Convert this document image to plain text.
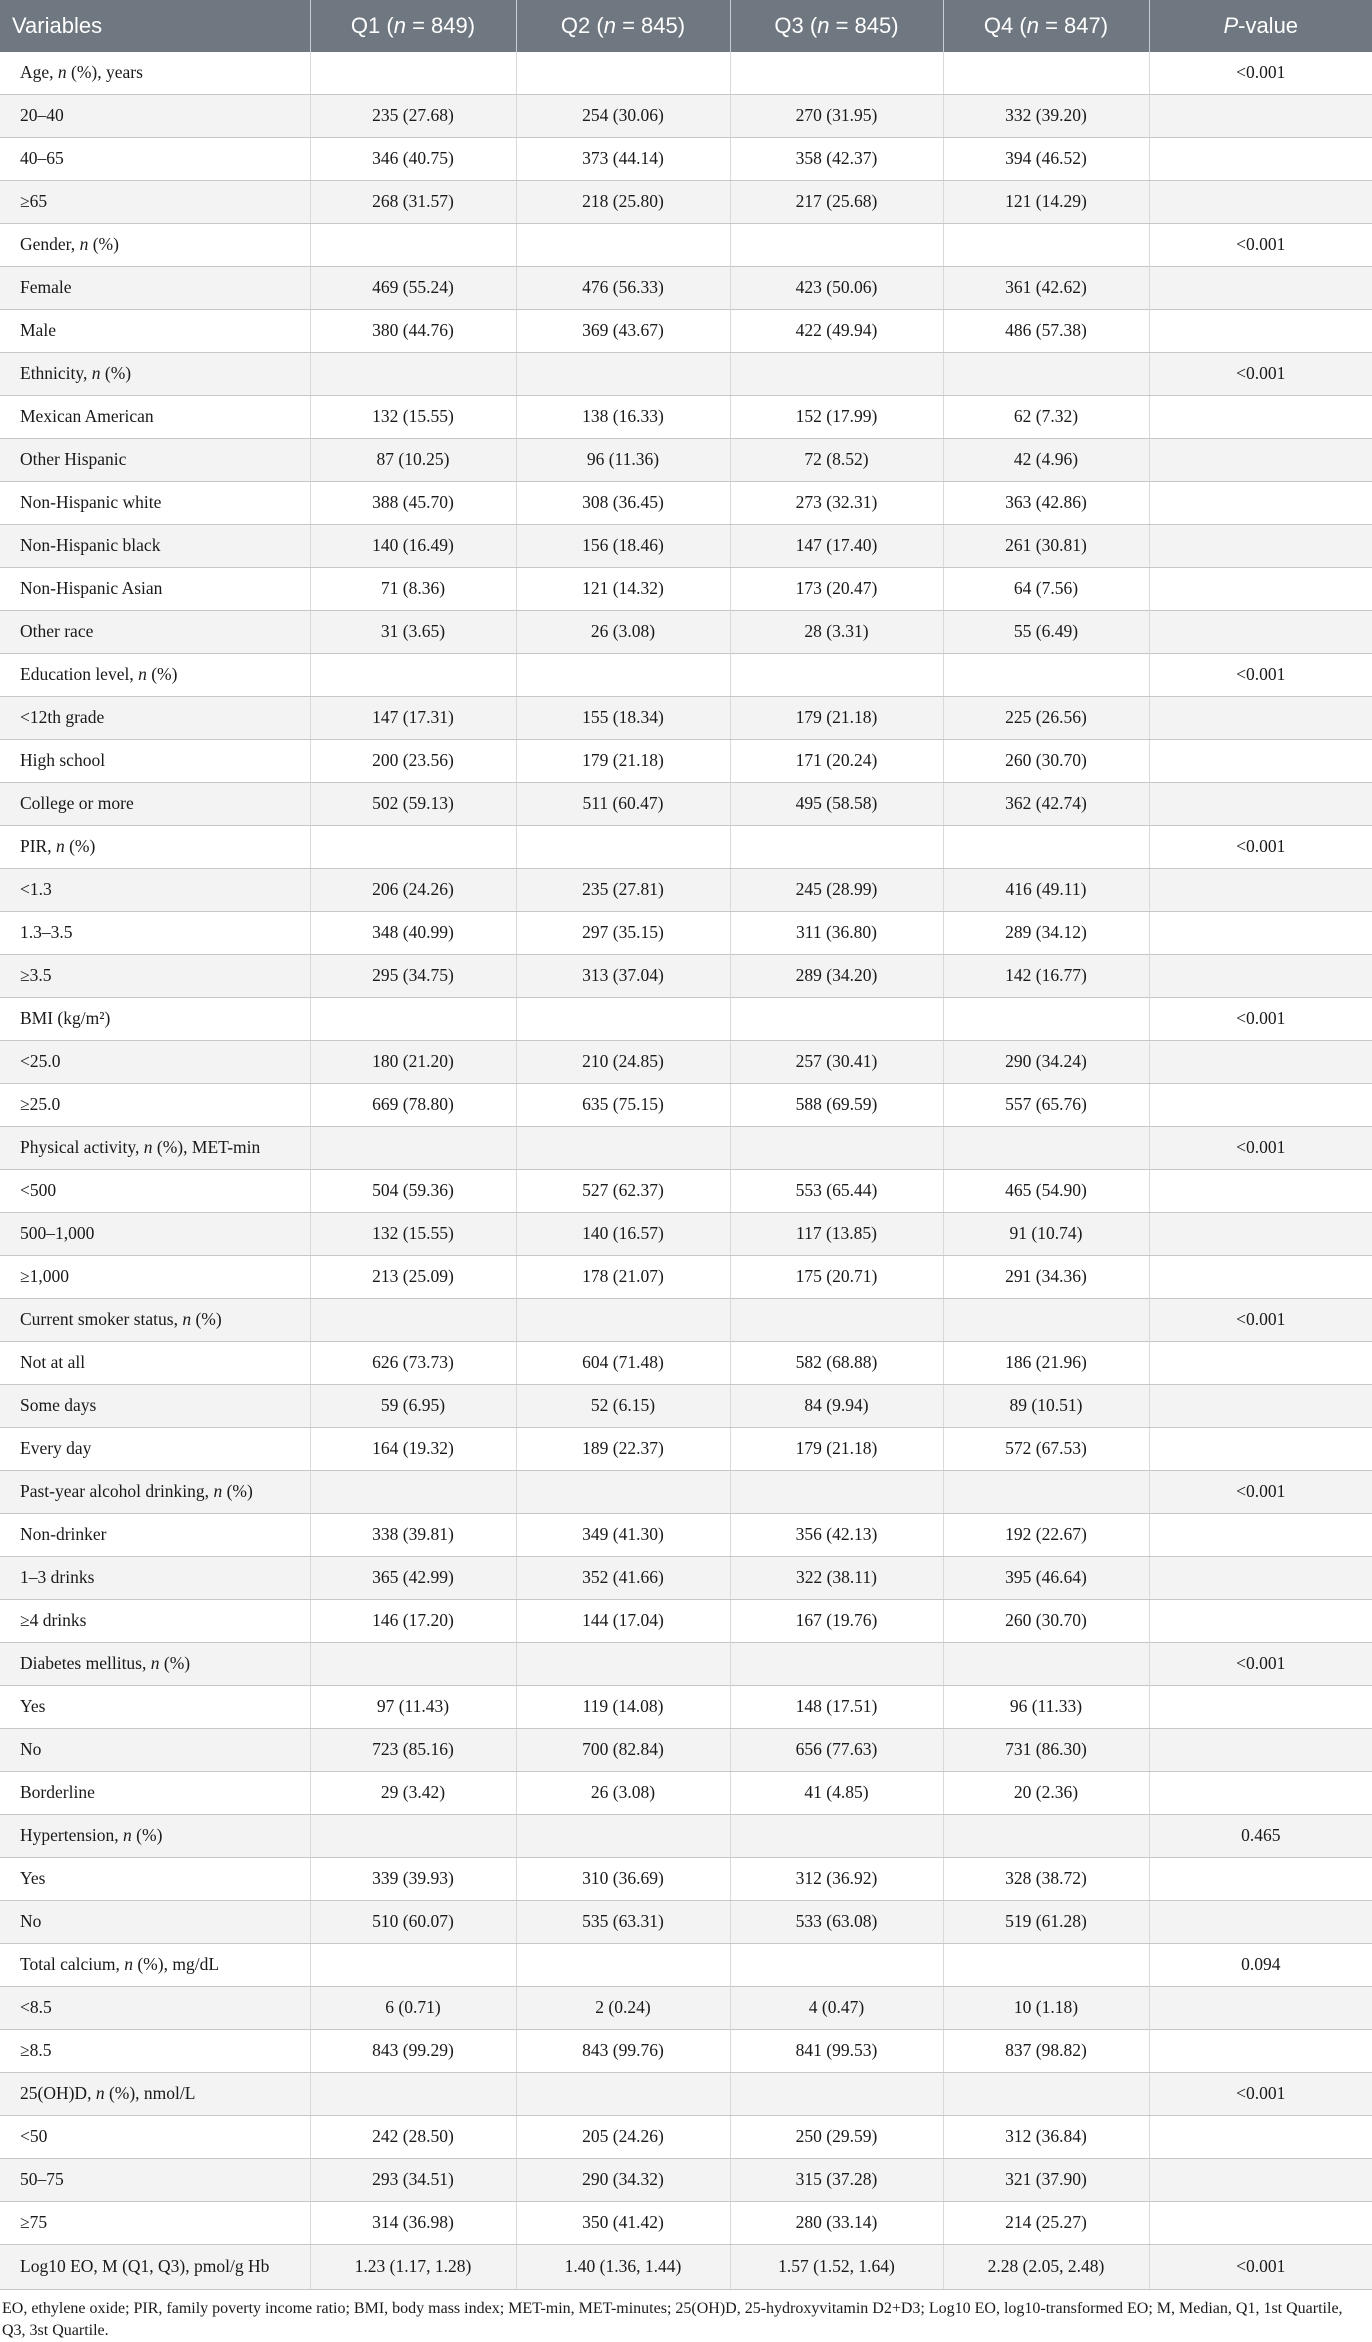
Variables	Q1 (n = 849)	Q2 (n = 845)	Q3 (n = 845)	Q4 (n = 847)	P-value
Age, n (%), years					<0.001
20–40	235 (27.68)	254 (30.06)	270 (31.95)	332 (39.20)	
40–65	346 (40.75)	373 (44.14)	358 (42.37)	394 (46.52)	
≥65	268 (31.57)	218 (25.80)	217 (25.68)	121 (14.29)	
Gender, n (%)					<0.001
Female	469 (55.24)	476 (56.33)	423 (50.06)	361 (42.62)	
Male	380 (44.76)	369 (43.67)	422 (49.94)	486 (57.38)	
Ethnicity, n (%)					<0.001
Mexican American	132 (15.55)	138 (16.33)	152 (17.99)	62 (7.32)	
Other Hispanic	87 (10.25)	96 (11.36)	72 (8.52)	42 (4.96)	
Non-Hispanic white	388 (45.70)	308 (36.45)	273 (32.31)	363 (42.86)	
Non-Hispanic black	140 (16.49)	156 (18.46)	147 (17.40)	261 (30.81)	
Non-Hispanic Asian	71 (8.36)	121 (14.32)	173 (20.47)	64 (7.56)	
Other race	31 (3.65)	26 (3.08)	28 (3.31)	55 (6.49)	
Education level, n (%)					<0.001
<12th grade	147 (17.31)	155 (18.34)	179 (21.18)	225 (26.56)	
High school	200 (23.56)	179 (21.18)	171 (20.24)	260 (30.70)	
College or more	502 (59.13)	511 (60.47)	495 (58.58)	362 (42.74)	
PIR, n (%)					<0.001
<1.3	206 (24.26)	235 (27.81)	245 (28.99)	416 (49.11)	
1.3–3.5	348 (40.99)	297 (35.15)	311 (36.80)	289 (34.12)	
≥3.5	295 (34.75)	313 (37.04)	289 (34.20)	142 (16.77)	
BMI (kg/m²)					<0.001
<25.0	180 (21.20)	210 (24.85)	257 (30.41)	290 (34.24)	
≥25.0	669 (78.80)	635 (75.15)	588 (69.59)	557 (65.76)	
Physical activity, n (%), MET-min					<0.001
<500	504 (59.36)	527 (62.37)	553 (65.44)	465 (54.90)	
500–1,000	132 (15.55)	140 (16.57)	117 (13.85)	91 (10.74)	
≥1,000	213 (25.09)	178 (21.07)	175 (20.71)	291 (34.36)	
Current smoker status, n (%)					<0.001
Not at all	626 (73.73)	604 (71.48)	582 (68.88)	186 (21.96)	
Some days	59 (6.95)	52 (6.15)	84 (9.94)	89 (10.51)	
Every day	164 (19.32)	189 (22.37)	179 (21.18)	572 (67.53)	
Past-year alcohol drinking, n (%)					<0.001
Non-drinker	338 (39.81)	349 (41.30)	356 (42.13)	192 (22.67)	
1–3 drinks	365 (42.99)	352 (41.66)	322 (38.11)	395 (46.64)	
≥4 drinks	146 (17.20)	144 (17.04)	167 (19.76)	260 (30.70)	
Diabetes mellitus, n (%)					<0.001
Yes	97 (11.43)	119 (14.08)	148 (17.51)	96 (11.33)	
No	723 (85.16)	700 (82.84)	656 (77.63)	731 (86.30)	
Borderline	29 (3.42)	26 (3.08)	41 (4.85)	20 (2.36)	
Hypertension, n (%)					0.465
Yes	339 (39.93)	310 (36.69)	312 (36.92)	328 (38.72)	
No	510 (60.07)	535 (63.31)	533 (63.08)	519 (61.28)	
Total calcium, n (%), mg/dL					0.094
<8.5	6 (0.71)	2 (0.24)	4 (0.47)	10 (1.18)	
≥8.5	843 (99.29)	843 (99.76)	841 (99.53)	837 (98.82)	
25(OH)D, n (%), nmol/L					<0.001
<50	242 (28.50)	205 (24.26)	250 (29.59)	312 (36.84)	
50–75	293 (34.51)	290 (34.32)	315 (37.28)	321 (37.90)	
≥75	314 (36.98)	350 (41.42)	280 (33.14)	214 (25.27)	
Log10 EO, M (Q1, Q3), pmol/g Hb	1.23 (1.17, 1.28)	1.40 (1.36, 1.44)	1.57 (1.52, 1.64)	2.28 (2.05, 2.48)	<0.001
EO, ethylene oxide; PIR, family poverty income ratio; BMI, body mass index; MET-min, MET-minutes; 25(OH)D, 25-hydroxyvitamin D2+D3; Log10 EO, log10-transformed EO; M, Median, Q1, 1st Quartile, Q3, 3st Quartile.
